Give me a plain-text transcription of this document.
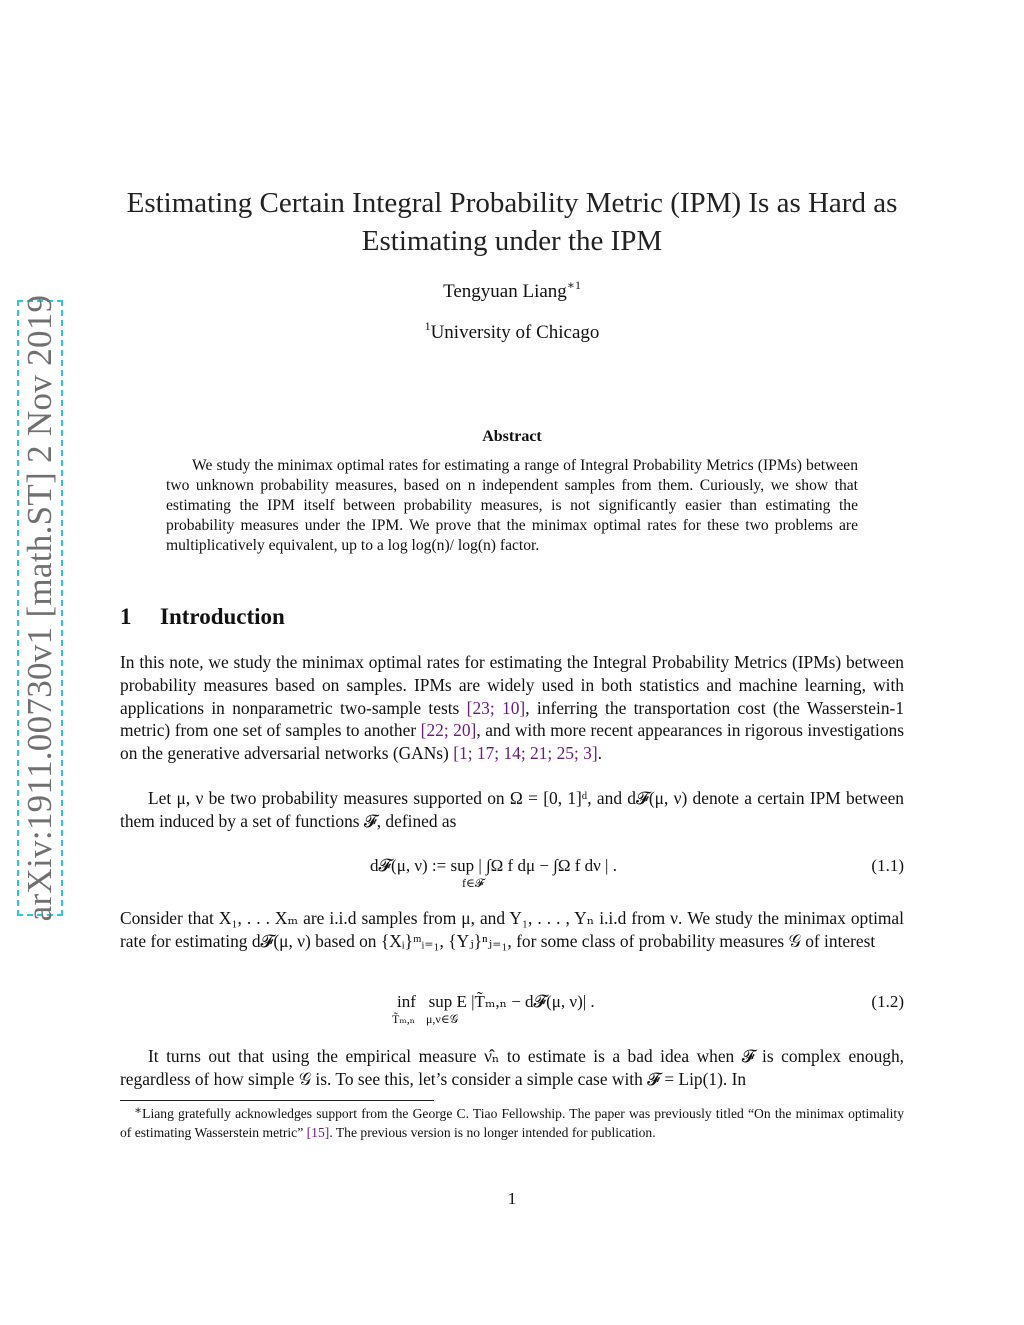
arXiv:1911.00730v1 [math.ST] 2 Nov 2019
Estimating Certain Integral Probability Metric (IPM) Is as Hard as
Estimating under the IPM
Tengyuan Liang$^{∗1}$
$^1$University of Chicago
Abstract

We study the minimax optimal rates for estimating a range of Integral Probability Metrics (IPMs) between two unknown probability measures, based on n independent samples from them. Curiously, we show that estimating the IPM itself between probability measures, is not significantly easier than estimating the probability measures under the IPM. We prove that the minimax optimal rates for these two problems are multiplicatively equivalent, up to a log log(n)/ log(n) factor.

1 Introduction

In this note, we study the minimax optimal rates for estimating the Integral Probability Metrics (IPMs) between probability measures based on samples. IPMs are widely used in both statistics and machine learning, with applications in nonparametric two-sample tests [23; 10], inferring the transportation cost (the Wasserstein-1 metric) from one set of samples to another [22; 20], and with more recent appearances in rigorous investigations on the generative adversarial networks (GANs) [1; 17; 14; 21; 25; 3].

Let μ, ν be two probability measures supported on Ω = [0, 1]ᵈ, and d𝓕(μ, ν) denote a certain IPM between them induced by a set of functions 𝓕, defined as

d𝓕(μ, ν) := sup | ∫Ω f dμ − ∫Ω f dν | .
f∈𝓕
(1.1)

Consider that X₁, . . . Xₘ are i.i.d samples from μ, and Y₁, . . . , Yₙ i.i.d from ν. We study the minimax optimal rate for estimating d𝓕(μ, ν) based on {Xᵢ}ᵐᵢ₌₁, {Yⱼ}ⁿⱼ₌₁, for some class of probability measures 𝒢 of interest

inf sup E |T̃ₘ,ₙ − d𝓕(μ, ν)| .
T̃ₘ,ₙ μ,ν∈𝒢
(1.2)

It turns out that using the empirical measure ν̂ₙ to estimate is a bad idea when 𝓕 is complex enough, regardless of how simple 𝒢 is. To see this, let’s consider a simple case with 𝓕 = Lip(1). In

∗Liang gratefully acknowledges support from the George C. Tiao Fellowship. The paper was previously titled “On the minimax optimality of estimating Wasserstein metric” [15]. The previous version is no longer intended for publication.

1
